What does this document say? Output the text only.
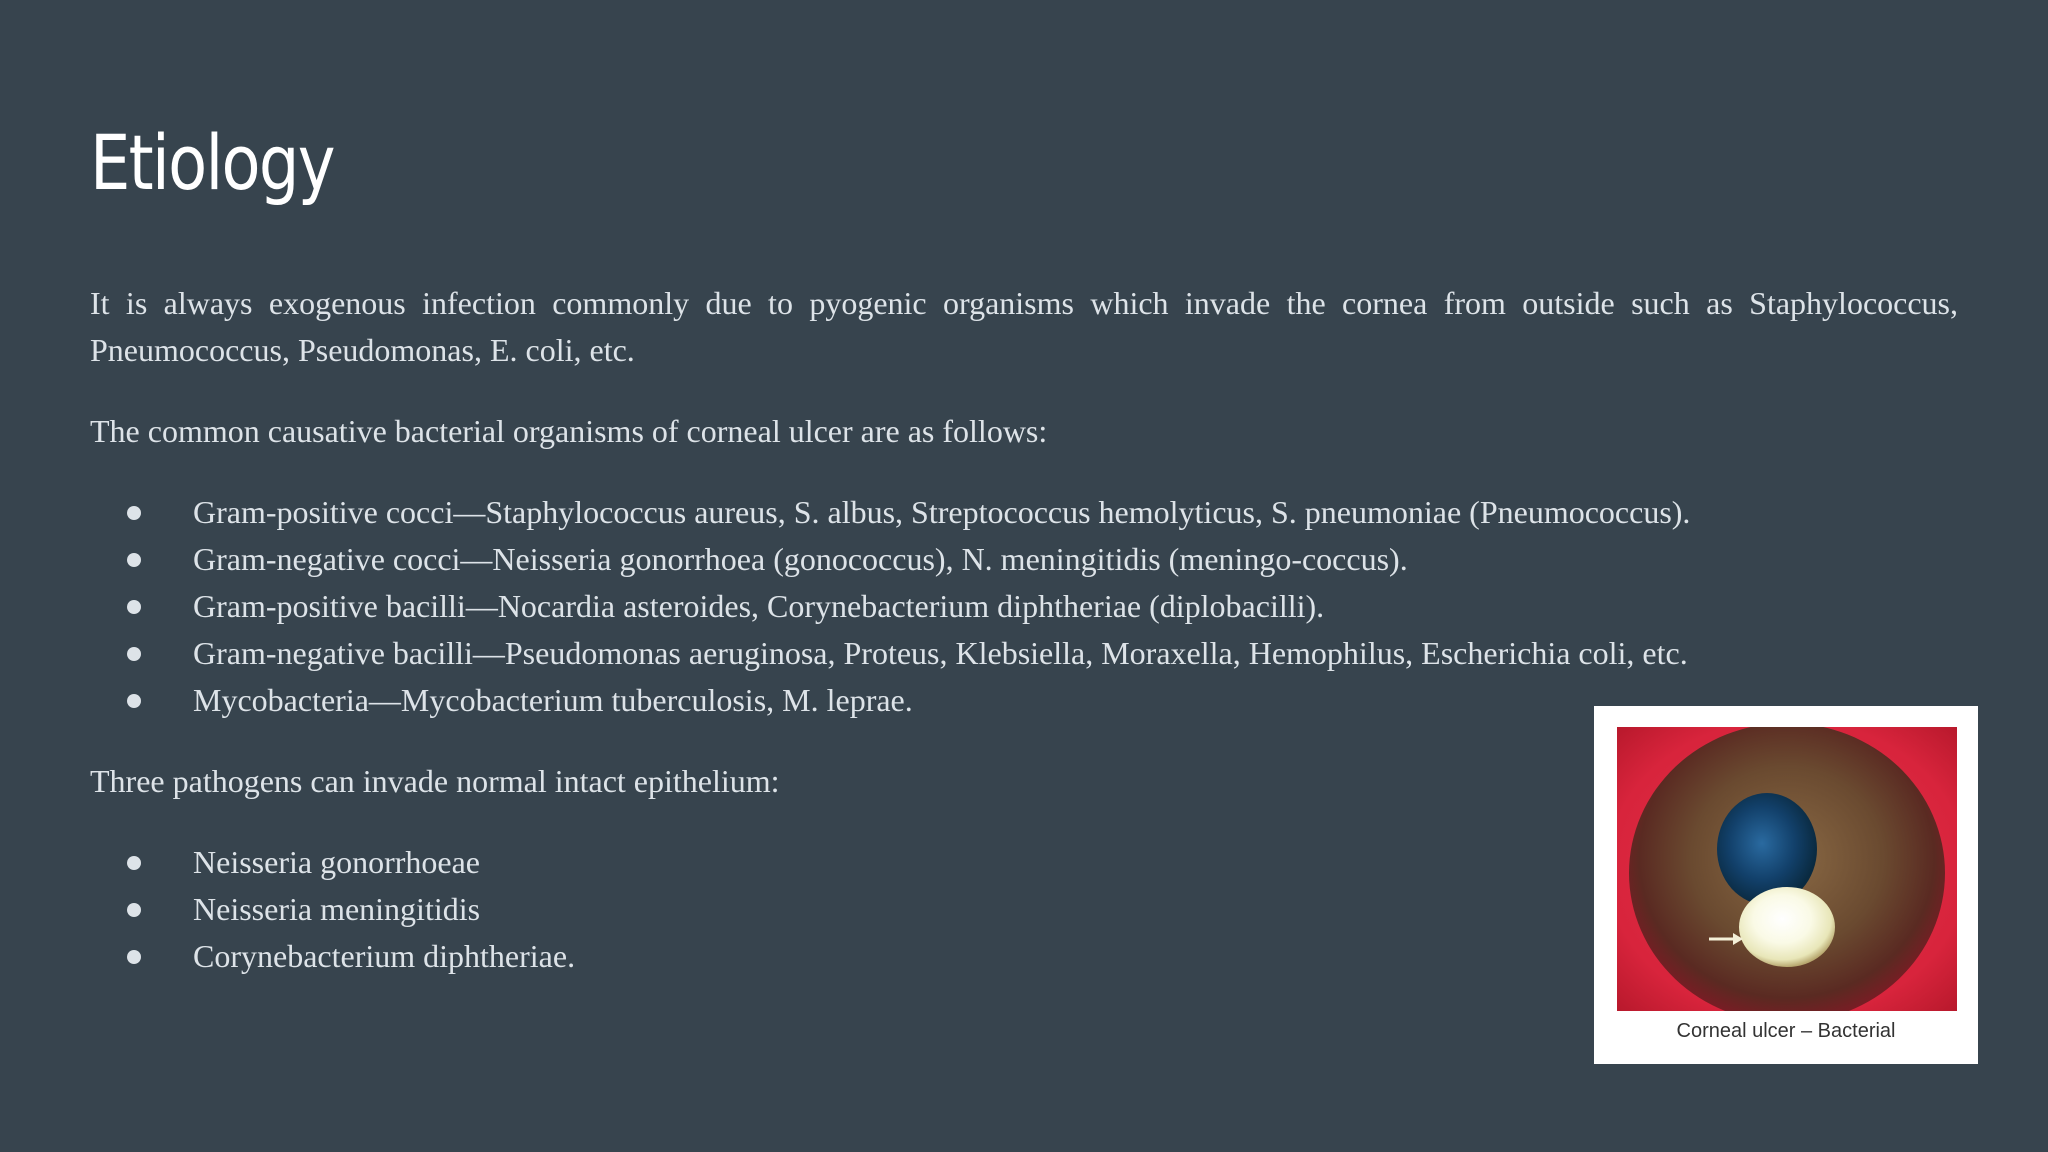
Etiology

It is always exogenous infection commonly due to pyogenic organisms which invade the cornea from outside such as Staphylococcus, Pneumococcus, Pseudomonas, E. coli, etc.

The common causative bacterial organisms of corneal ulcer are as follows:

Gram-positive cocci—Staphylococcus aureus, S. albus, Streptococcus hemolyticus, S. pneumoniae (Pneumococcus).
Gram-negative cocci—Neisseria gonorrhoea (gonococcus), N. meningitidis (meningo-coccus).
Gram-positive bacilli—Nocardia asteroides, Corynebacterium diphtheriae (diplobacilli).
Gram-negative bacilli—Pseudomonas aeruginosa, Proteus, Klebsiella, Moraxella, Hemophilus, Escherichia coli, etc.
Mycobacteria—Mycobacterium tuberculosis, M. leprae.

Three pathogens can invade normal intact epithelium:

Neisseria gonorrhoeae
Neisseria meningitidis
Corynebacterium diphtheriae.
Corneal ulcer – Bacterial
